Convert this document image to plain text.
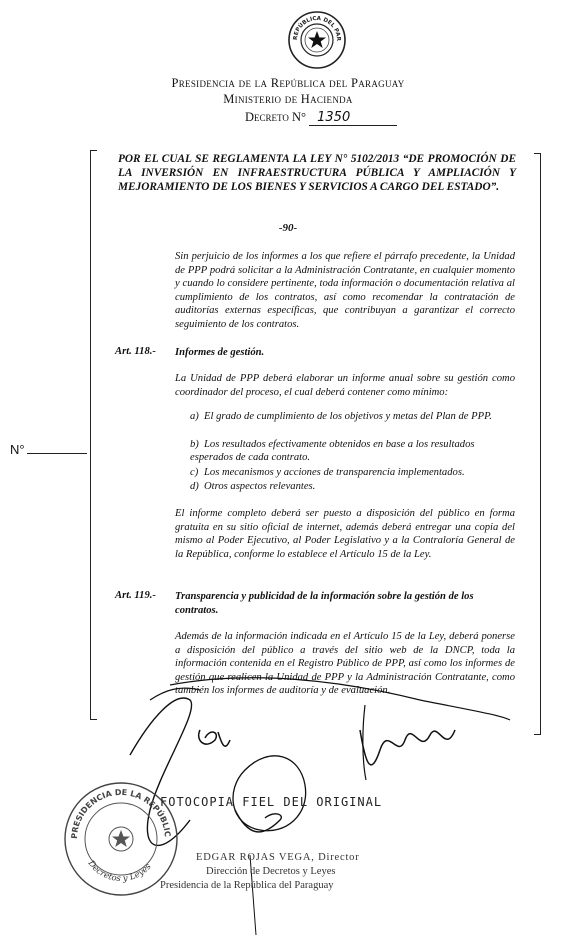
REPÚBLICA DEL PAR
Presidencia de la República del Paraguay
Ministerio de Hacienda
Decreto N° 1350
N°
POR EL CUAL SE REGLAMENTA LA LEY N° 5102/2013 “DE PROMOCIÓN DE LA INVERSIÓN EN INFRAESTRUCTURA PÚBLICA Y AMPLIACIÓN Y MEJORAMIENTO DE LOS BIENES Y SERVICIOS A CARGO DEL ESTADO”.
-90-
Sin perjuicio de los informes a los que refiere el párrafo precedente, la Unidad de PPP podrá solicitar a la Administración Contratante, en cualquier momento y cuando lo considere pertinente, toda información o documentación relativa al cumplimiento de los contratos, así como recomendar la contratación de auditorías externas específicas, que contribuyan a garantizar el correcto seguimiento de los contratos.
Art. 118.- Informes de gestión.
La Unidad de PPP deberá elaborar un informe anual sobre su gestión como coordinador del proceso, el cual deberá contener como mínimo:
a) El grado de cumplimiento de los objetivos y metas del Plan de PPP.
b) Los resultados efectivamente obtenidos en base a los resultados esperados de cada contrato.
c) Los mecanismos y acciones de transparencia implementados.
d) Otros aspectos relevantes.
El informe completo deberá ser puesto a disposición del público en forma gratuita en su sitio oficial de internet, además deberá entregar una copia del mismo al Poder Ejecutivo, al Poder Legislativo y a la Contraloría General de la República, conforme lo establece el Artículo 15 de la Ley.
Art. 119.- Transparencia y publicidad de la información sobre la gestión de los contratos.
Además de la información indicada en el Artículo 15 de la Ley, deberá ponerse a disposición del público a través del sitio web de la DNCP, toda la información contenida en el Registro Público de PPP, así como los informes de gestión que realicen la Unidad de PPP y la Administración Contratante, como también los informes de auditoría y de evaluación.
PRESIDENCIA DE LA REPÚBLIC
Decretos y Leyes
FOTOCOPIA FIEL DEL ORIGINAL
EDGAR ROJAS VEGA, Director
Dirección de Decretos y Leyes
Presidencia de la República del Paraguay
